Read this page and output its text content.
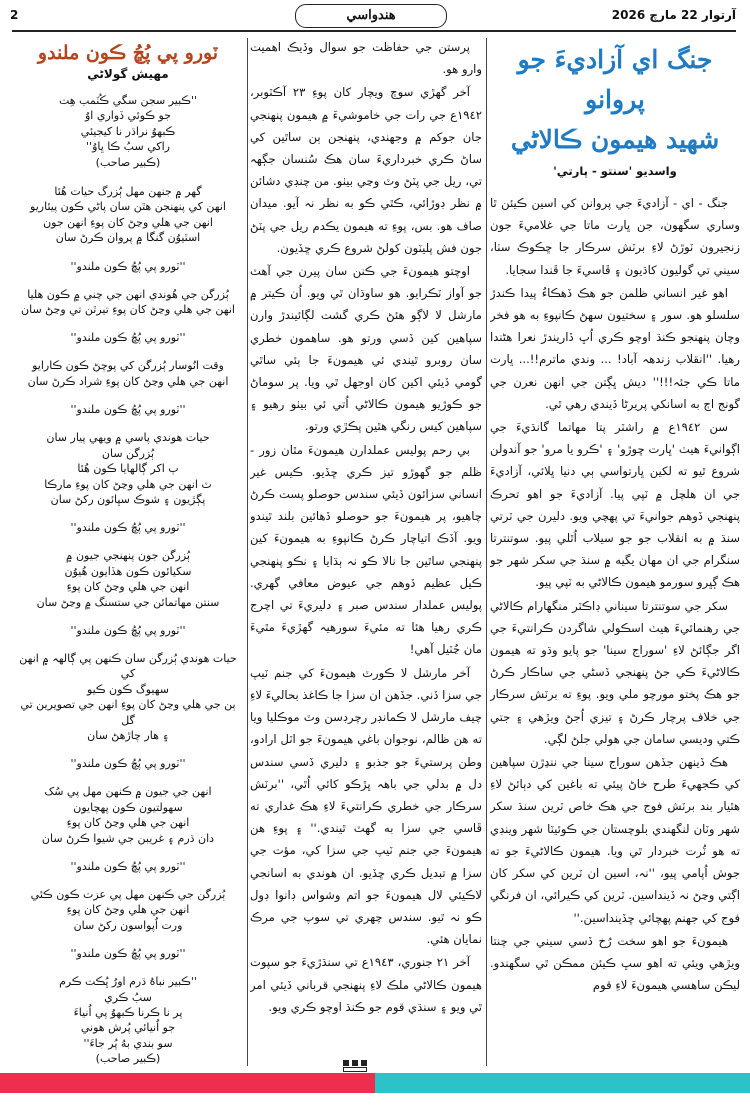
2	هندواسي	آرتوار 22 مارچ 2026
جنگ اي آزاديءَ جو
پروانو
شهيد هيمون ڪالاڻي
واسديو 'سنتو - پارتي'

جنگ - اي - آزاديءَ جي پروانن کي اسين ڪيئن ٿا وساري سگهون، جن ڀارت ماتا جي غلاميءَ جون زنجيرون ٽوڙڻ لاءِ برٽش سرڪار جا ڇڪوڪ سٺا، سيني تي گوليون کاڌيون ۽ ڦاسيءَ جا ڦندا سجايا.

اهو غير انساني ظلمن جو هڪ ڏهڪاءُ پيدا ڪندڙ سلسلو هو. سور ۽ سختيون سهڻ ڪانپوءِ به هو فخر وچان پنهنجو ڪنڌ اوچو ڪري اُڀ ڏاريندڙ نعرا هڻندا رهيا. ''انقلاب زندهہ آباد! ... وندي ماترم!!... ڀارت ماتا ڪي جئہ!!!'' ديش ڀڳتن جي انهن نعرن جي گونج اڄ به اسانکي پريرڻا ڏيندي رهي ٿي.

سن ١٩٤٢ع ۾ راشٽر پتا مهاتما گانڌيءَ جي اڳوانيءَ هيٺ 'ڀارت ڇوڙو' ۽ 'ڪرو يا مرو' جو آندولن شروع ٿيو ته لکين ڀارتواسي ٻي دنيا ڀلائي، آزاديءَ جي ان هلچل ۾ ٽپي پيا. آزاديءَ جو اهو تحرڪ پنهنجي ڏوهم جوانيءَ تي پهچي ويو. دليرن جي ٽرتي سنڌ ۾ به انقلاب جو جو سيلاب اُٿلي پيو. سوتنترتا سنگرام جي ان مهان يگيه ۾ سنڌ جي سکر شهر جو هڪ ڳڀرو سورمو هيمون ڪالاڻي به ٽپي پيو.

سکر جي سوتنترتا سيناني ڊاڪٽر منگهارام ڪالاڻي جي رهنمائيءَ هيٺ اسڪولي شاگردن ڪرانتيءَ جي اگر جڳائڻ لاءِ 'سوراج سينا' جو پايو وڌو ته هيمون ڪالاڻيءَ ڪي جڻ پنهنجي ڏسڻي جي ساڪار ڪرڻ جو هڪ پختو مورچو ملي ويو. پوءِ ته برٽش سرڪار جي خلاف پرچار ڪرڻ ۽ تيزي اُجڻ ويڙهي ۽ جتي ڪتي وديسي سامان جي هولي جلڻ لڳي.

هڪ ڏينهن جڏهن سوراج سينا جي ننڍڙن سپاهين کي ڪجهيءَ طرح خاڻ پيئي ته باغين کي دٻائڻ لاءِ هٿيار بند برٽش فوج جي هڪ خاص ٽرين سنڌ سکر شهر وٽان لنگهندي بلوچستان جي ڪوئيٽا شهر وينڊي ته هو ٽُرت خبردار ٿي ويا. هيمون ڪالاڻيءَ جو ته جوش اُپامي پيو، ''نہ، اسين ان ٽرين کي سکر کان اڳتي وڃڻ نہ ڏينداسين. ٽرين کي ڪيرائي، ان فرنگي فوج کي جهنم پهچائي ڇڏينداسين.''

هيمونءَ جو اهو سخت رُخ ڏسي سيني جي چنتا ويڙهي ويئي ته اهو سڀ ڪيئن ممڪن ٿي سگهندو. ليڪن ساهسي هيمونءَ لاءِ قوم

پرستن جي حفاظت جو سوال وڏيڪ اهميت وارو هو.

آخر گهڙي سوچ ويچار کان پوءِ ٢٣ آڪٽوبر، ١٩٤٢ع جي رات جي خاموشيءَ ۾ هيمون پنهنجي جان جوکم ۾ وجهندي، پنهنجن ٻن ساٿين کي ساڻ ڪري خبرداريءَ سان هڪ سُنسان جڳهہ تي، ريل جي پٽڻ وٽ وڃي بيٺو. من چنڊي دشائن ۾ نظر ڊوڙائي، ڪٿي ڪو به نظر نہ آيو. ميدان صاف هو. بس، پوءِ ته هيمون يڪدم ريل جي پٽڻ جون فش پليٽون کولڻ شروع ڪري ڇڏيون.

اوچتو هيمونءَ جي ڪنن سان پيرن جي آهٽ جو آواز ٽڪرايو. هو ساوڌان ٿي ويو. اُن ڪيتر ۾ مارشل لا لاڳو هئڻ ڪري گشت لڳائيندڙ وارن سپاهين کين ڏسي ورتو هو. ساهمون خطري سان روبرو ٿيندي ئي هيمونءَ جا ٻئي ساٿي گومي ڏيئي اکين کان اوجهل ٿي ويا. پر سوماڻ جو ڪوڙيو هيمون ڪالاڻي اُتي ئي بيٺو رهيو ۽ سپاهين کيس رنگي هٿين پڪڙي ورتو.

بي رحم پوليس عملدارن هيمونءَ مٿان زور - ظلم جو گهوڙو تيز ڪري ڇڏيو. ڪيس غير انساني سزائون ڏيئي سندس حوصلو پست ڪرڻ چاهيو، پر هيمونءَ جو حوصلو ڏهائين بلند ٿيندو ويو. آڏڪ اتياچار ڪرڻ ڪانپوءِ به هيمونءَ کين پنهنجي ساٿين جا نالا ڪو نہ ٻڌايا ۽ نڪو پنهنجي ڪيل عظيم ڏوهم جي عيوض معافي گهري. پوليس عملدار سندس صبر ۽ دليريءَ تي اچرج ڪري رهيا هئا ته مئيءَ سورهيہ گهڙيءَ مٿيءَ مان ڃُٽيل آهي!

آخر مارشل لا ڪورٽ هيمونءَ کي جنم ٽيپ جي سزا ڏني. جڏهن ان سزا جا ڪاغذ بحاليءَ لاءِ چيف مارشل لا ڪمانڊر رچرڊسن وٽ موڪليا ويا ته هن ظالم، نوجوان باغي هيمونءَ جو اٽل ارادو، وطن پرستيءَ جو جذبو ۽ دليري ڏسي سندس دل ۾ بدلي جي باهہ ڀڙڪو کائي اُٿي، ''برٽش سرڪار جي خطري ڪرانتيءَ لاءِ هڪ غداري ته ڦاسي جي سزا به گهٽ ٿيندي.'' ۽ پوءِ هن هيمونءَ جي جنم ٽيپ جي سزا کي، مؤت جي سزا ۾ تبديل ڪري ڇڏيو. ان هوندي به اسانجي لاڪيئي لال هيمونءَ جو اتم وشواس ڊانوا ڊول ڪو نہ ٿيو. سندس چهري تي سوپ جي مرڪ نمايان هئي.

آخر ٢١ جنوري، ١٩٤٣ع تي سنڌڙيءَ جو سپوت هيمون ڪالاڻي ملڪ لاءِ پنهنجي قرباني ڏيئي امر ٿي ويو ۽ سنڌي قوم جو ڪنڌ اوچو ڪري ويو.

ٽورو پي پُڇُ ڪون ملندو
مهيش گولاڻي
''ڪبير سجن سگي ڪُٽمب هِت
جو ڪوئي ڏواري اوُ
ڪبهوُ نراڌر نا کيجيئي
راکي سبُ ڪا ڀاوُ''
(ڪبير صاحب)
گهر ۾ جنهن مهل ٻُزرگ حيات هُئا
انهن کي پنهنجن هٿن سان پاڻي ڪون پيئاريو
انهن جي هلي وڃڻ کان پوءِ انهن جون
اسٿيوُن گنگا ۾ پروان ڪرڻ سان
''ٽورو پي پُڇُ ڪون ملندو''
ٻُزرگن جي هُوندي انهن جي چني ۾ ڪون هليا
انهن جي هلي وڃڻ کان پوءِ تيرٿن تي وڃڻ سان
''ٽورو پي پُڇُ ڪون ملندو''
وقت انُوسار ٻُزرگن کي پوچڻ ڪون ڪارايو
انهن جي هلي وڃڻ کان پوءِ شراد ڪرڻ سان
''ٽورو پي پُڇُ ڪون ملندو''
حيات هوندي پاسي ۾ ويهي پيار سان
ٻُزرگن سان
ٻ اکر ڳالهايا ڪون هُئا
ٽ انهن جي هلي وڃڻ کان پوءِ مارڪا
پڳڙيون ۽ شوڪ سڀائون رکڻ سان
''ٽورو پي پُڇُ ڪون ملندو''
ٻُزرگن جون پنهنجي جيون ۾
سکيائون ڪون هڏايون هُيوُن
انهن جي هلي وڃڻ کان پوءِ
سنتن مهاتمائن جي ستسنگ ۾ وڃڻ سان
''ٽورو پي پُڇُ ڪون ملندو''
حيات هوندي ٻُزرگن سان ڪنهن پي ڳالهہ ۾ انهن کي
سهيوگ ڪون ڪيو
ٻن جي هلي وڃڻ کان پوءِ انهن جي تصويرين تي گل
۽ هار چاڙهڻ سان
''ٽورو پي پُڇُ ڪون ملندو''
انهن جي جيون ۾ ڪنهن مهل پي سُک
سهولتيون ڪون پهچايون
انهن جي هلي وڃڻ کان پوءِ
دان ڌرم ۽ غريبن جي شيوا ڪرڻ سان
''ٽورو پي پُڇُ ڪون ملندو''
ٻُزرگن جي ڪنهن مهل پي عزت ڪون ڪئي
انهن جي هلي وڃڻ کان پوءِ
ورت اُپواسون رکڻ سان
''ٽورو پي پُڇُ ڪون ملندو''
''ڪبير نباهُ ڌرم اورُ ڀُڪت ڪرم
سبُ ڪري
پر نا ڪرنا ڪبهوُ پي اُنياءَ
جو اُنيائي پُرش هوني
سو بندي بهُ پُر جاءَ''
(ڪبير صاحب)
